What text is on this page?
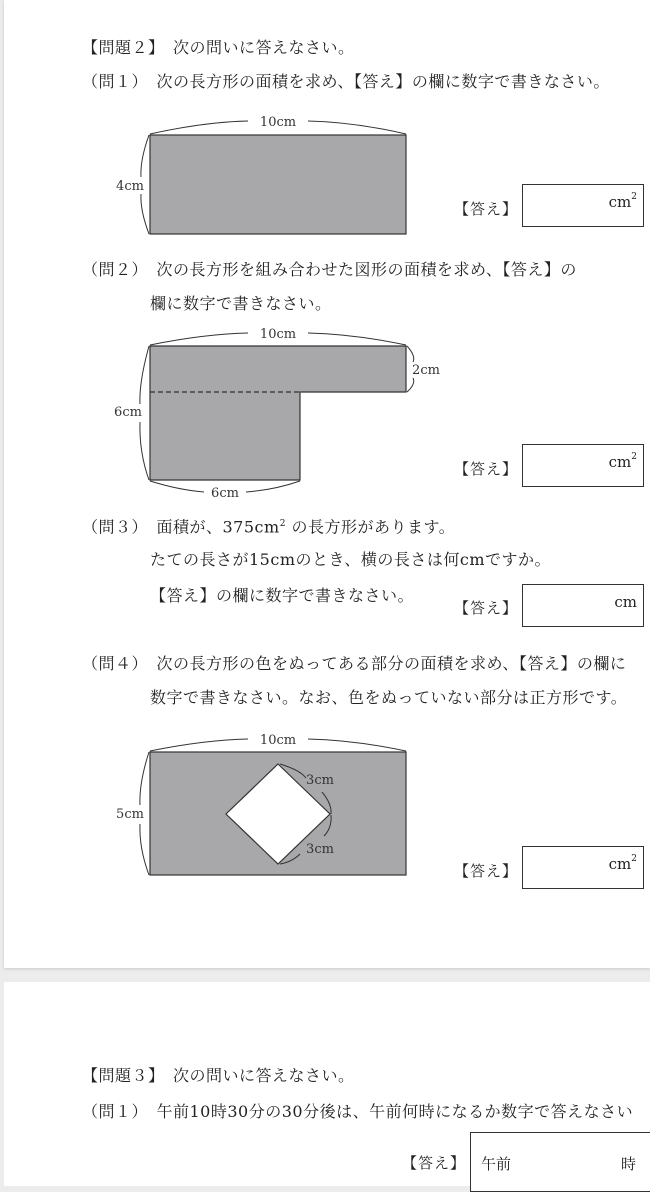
【問題２】　次の問いに答えなさい。
（問１）　次の長方形の面積を求め、【答え】の欄に数字で書きなさい。
10cm
4cm
【答え】	$cm^2$
（問２）　次の長方形を組み合わせた図形の面積を求め、【答え】の
欄に数字で書きなさい。
10cm
2cm
6cm
6cm
【答え】	$cm^2$
（問３）　面積が、$375cm^2$ の長方形があります。
たての長さが15cmのとき、横の長さは何cmですか。
【答え】の欄に数字で書きなさい。
【答え】	cm
（問４）　次の長方形の色をぬってある部分の面積を求め、【答え】の欄に
数字で書きなさい。なお、色をぬっていない部分は正方形です。
10cm
5cm
3cm
3cm
【答え】	$cm^2$
【問題３】　次の問いに答えなさい。
（問１）　午前10時30分の30分後は、午前何時になるか数字で答えなさい
【答え】 午前	時
